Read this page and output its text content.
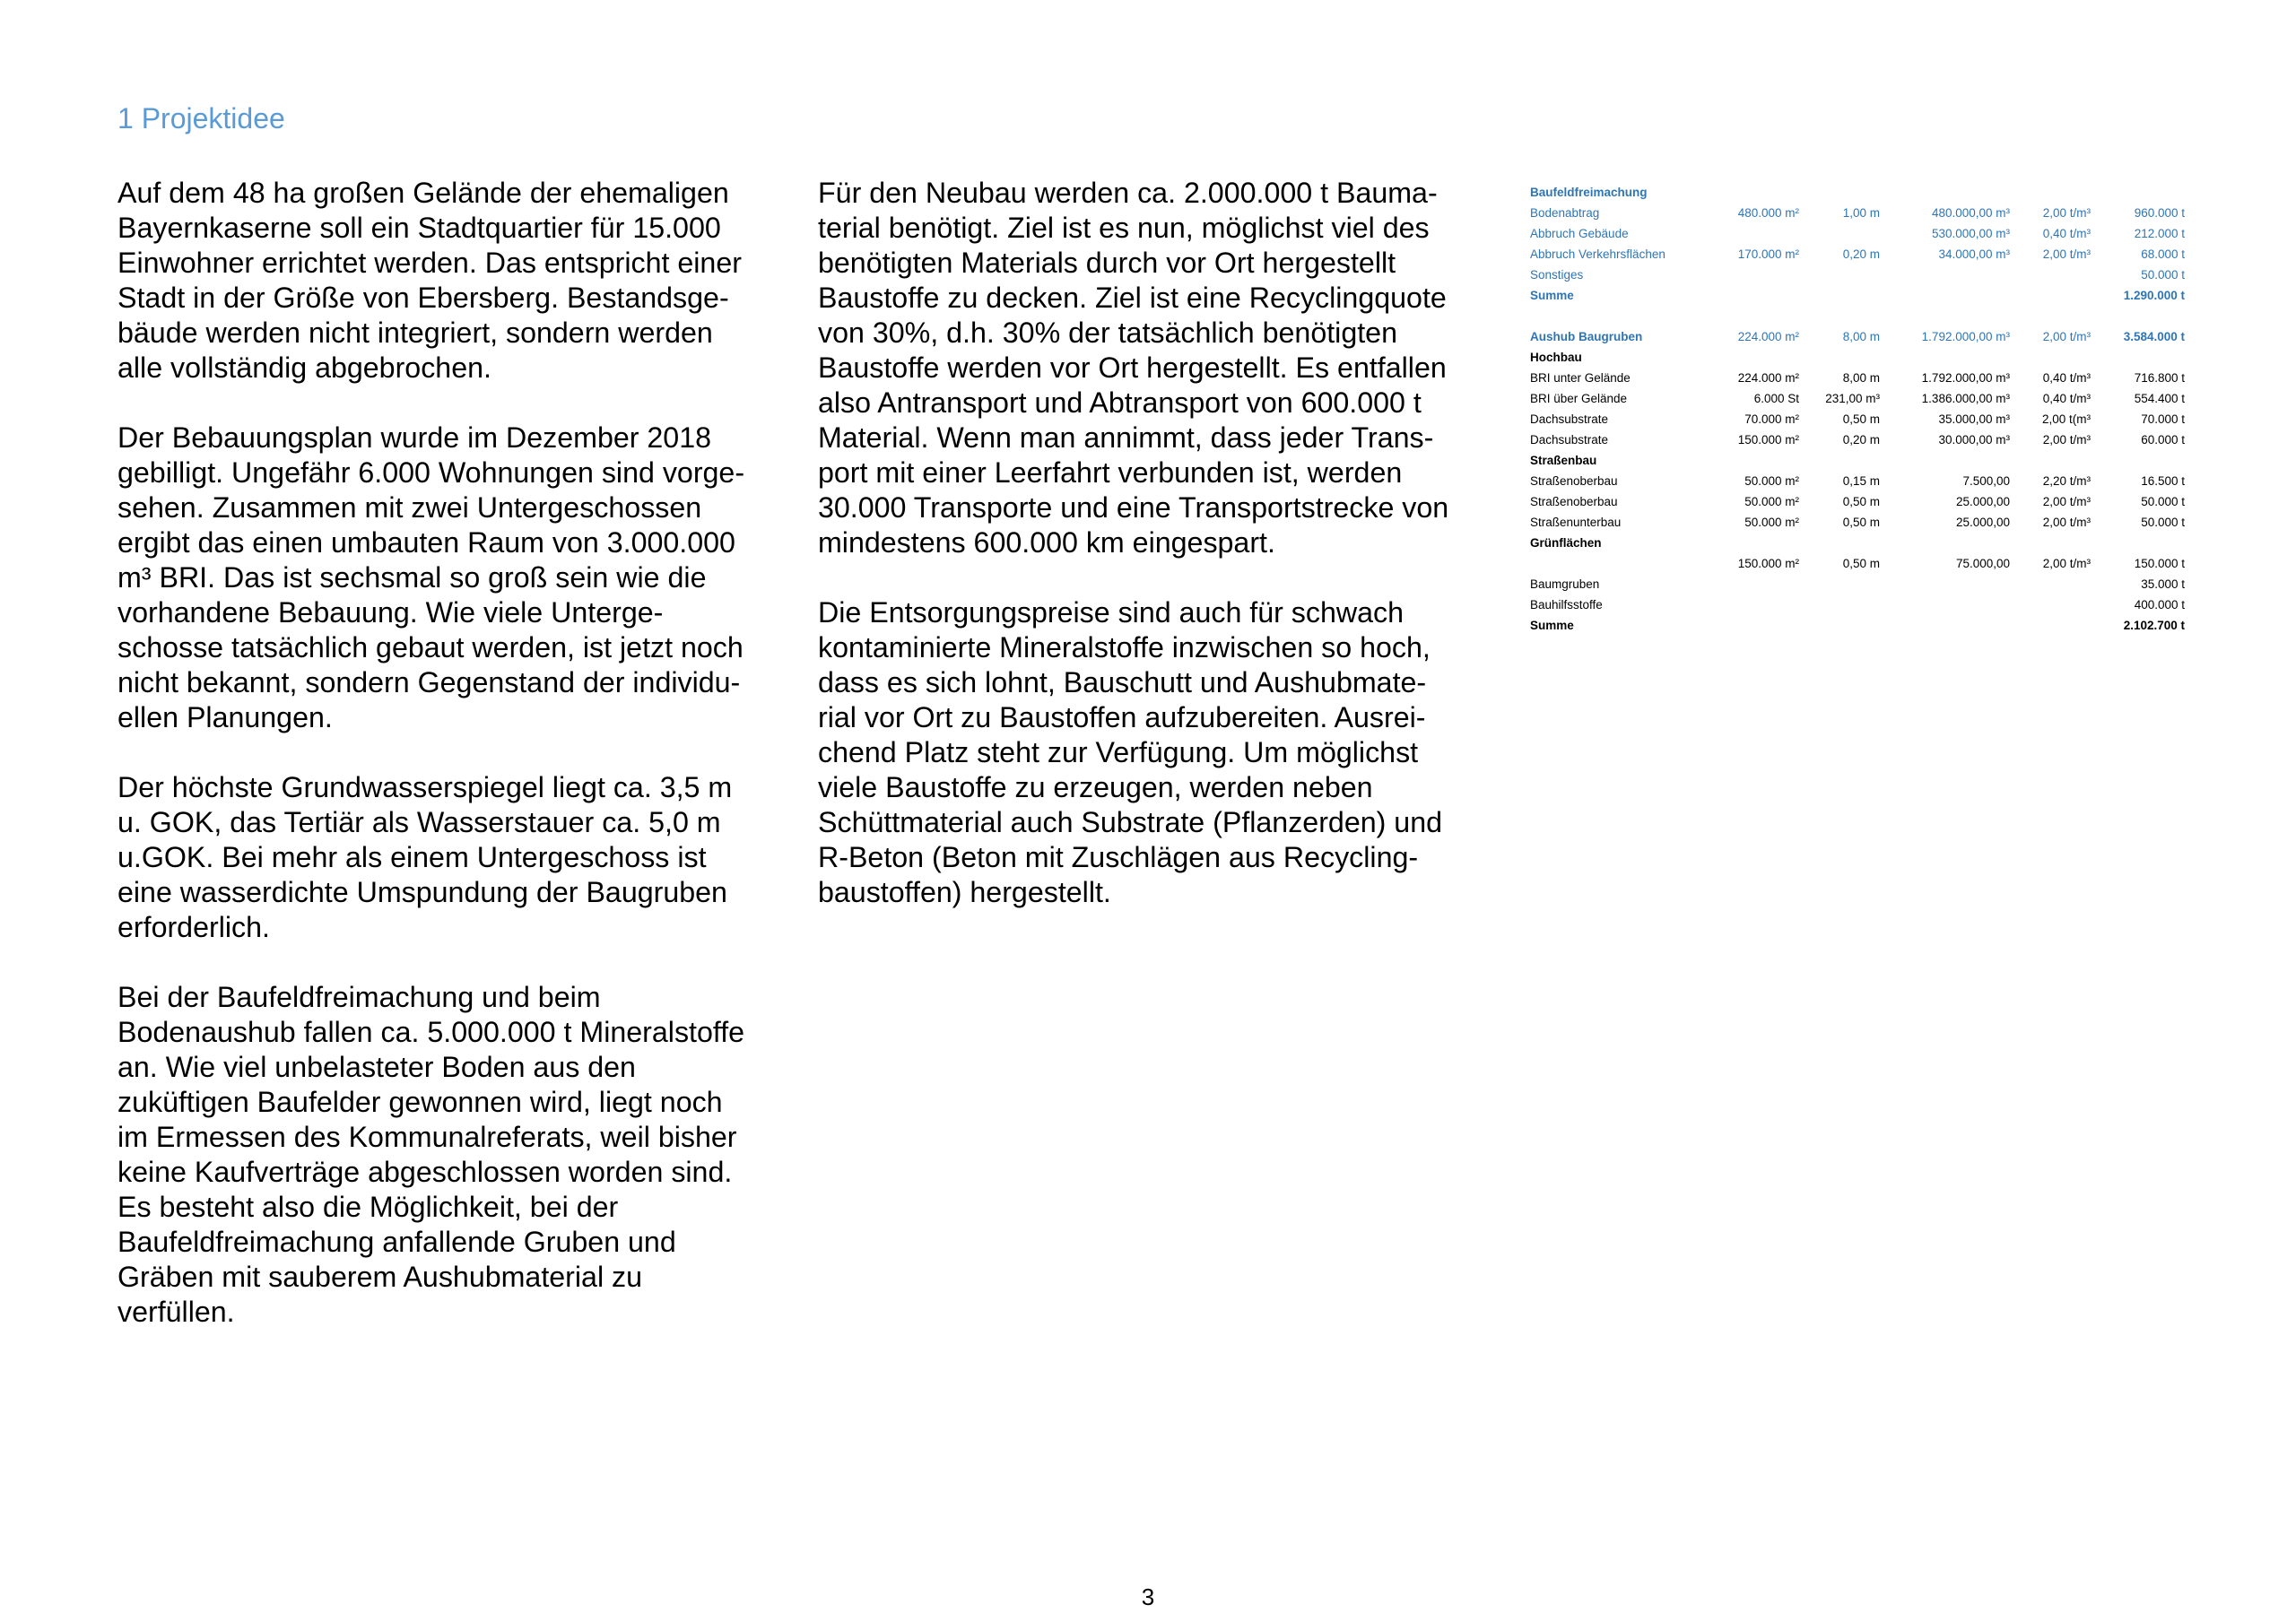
1 Projektidee

Auf dem 48 ha großen Gelände der ehemaligen
Bayernkaserne soll ein Stadtquartier für 15.000
Einwohner errichtet werden. Das entspricht einer
Stadt in der Größe von Ebersberg. Bestandsge-
bäude werden nicht integriert, sondern werden
alle vollständig abgebrochen.

Der Bebauungsplan wurde im Dezember 2018
gebilligt. Ungefähr 6.000 Wohnungen sind vorge-
sehen. Zusammen mit zwei Untergeschossen
ergibt das einen umbauten Raum von 3.000.000
m³ BRI. Das ist sechsmal so groß sein wie die
vorhandene Bebauung. Wie viele Unterge-
schosse tatsächlich gebaut werden, ist jetzt noch
nicht bekannt, sondern Gegenstand der individu-
ellen Planungen.

Der höchste Grundwasserspiegel liegt ca. 3,5 m
u. GOK, das Tertiär als Wasserstauer ca. 5,0 m
u.GOK. Bei mehr als einem Untergeschoss ist
eine wasserdichte Umspundung der Baugruben
erforderlich.

Bei der Baufeldfreimachung und beim
Bodenaushub fallen ca. 5.000.000 t Mineralstoffe
an. Wie viel unbelasteter Boden aus den
zuküftigen Baufelder gewonnen wird, liegt noch
im Ermessen des Kommunalreferats, weil bisher
keine Kaufverträge abgeschlossen worden sind.
Es besteht also die Möglichkeit, bei der
Baufeldfreimachung anfallende Gruben und
Gräben mit sauberem Aushubmaterial zu
verfüllen.

Für den Neubau werden ca. 2.000.000 t Bauma-
terial benötigt. Ziel ist es nun, möglichst viel des
benötigten Materials durch vor Ort hergestellt
Baustoffe zu decken. Ziel ist eine Recyclingquote
von 30%, d.h. 30% der tatsächlich benötigten
Baustoffe werden vor Ort hergestellt. Es entfallen
also Antransport und Abtransport von 600.000 t
Material. Wenn man annimmt, dass jeder Trans-
port mit einer Leerfahrt verbunden ist, werden
30.000 Transporte und eine Transportstrecke von
mindestens 600.000 km eingespart.

Die Entsorgungspreise sind auch für schwach
kontaminierte Mineralstoffe inzwischen so hoch,
dass es sich lohnt, Bauschutt und Aushubmate-
rial vor Ort zu Baustoffen aufzubereiten. Ausrei-
chend Platz steht zur Verfügung. Um möglichst
viele Baustoffe zu erzeugen, werden neben
Schüttmaterial auch Substrate (Pflanzerden) und
R-Beton (Beton mit Zuschlägen aus Recycling-
baustoffen) hergestellt.

Baufeldfreimachung					
Bodenabtrag	480.000 m²	1,00 m	480.000,00 m³	2,00 t/m³	960.000 t
Abbruch Gebäude			530.000,00 m³	0,40 t/m³	212.000 t
Abbruch Verkehrsflächen	170.000 m²	0,20 m	34.000,00 m³	2,00 t/m³	68.000 t
Sonstiges					50.000 t
Summe					1.290.000 t

Aushub Baugruben	224.000 m²	8,00 m	1.792.000,00 m³	2,00 t/m³	3.584.000 t
Hochbau					
BRI unter Gelände	224.000 m²	8,00 m	1.792.000,00 m³	0,40 t/m³	716.800 t
BRI über Gelände	6.000 St	231,00 m³	1.386.000,00 m³	0,40 t/m³	554.400 t
Dachsubstrate	70.000 m²	0,50 m	35.000,00 m³	2,00 t(m³	70.000 t
Dachsubstrate	150.000 m²	0,20 m	30.000,00 m³	2,00 t/m³	60.000 t
Straßenbau					
Straßenoberbau	50.000 m²	0,15 m	7.500,00	2,20 t/m³	16.500 t
Straßenoberbau	50.000 m²	0,50 m	25.000,00	2,00 t/m³	50.000 t
Straßenunterbau	50.000 m²	0,50 m	25.000,00	2,00 t/m³	50.000 t
Grünflächen					
	150.000 m²	0,50 m	75.000,00	2,00 t/m³	150.000 t
Baumgruben					35.000 t
Bauhilfsstoffe					400.000 t
Summe					2.102.700 t
3
